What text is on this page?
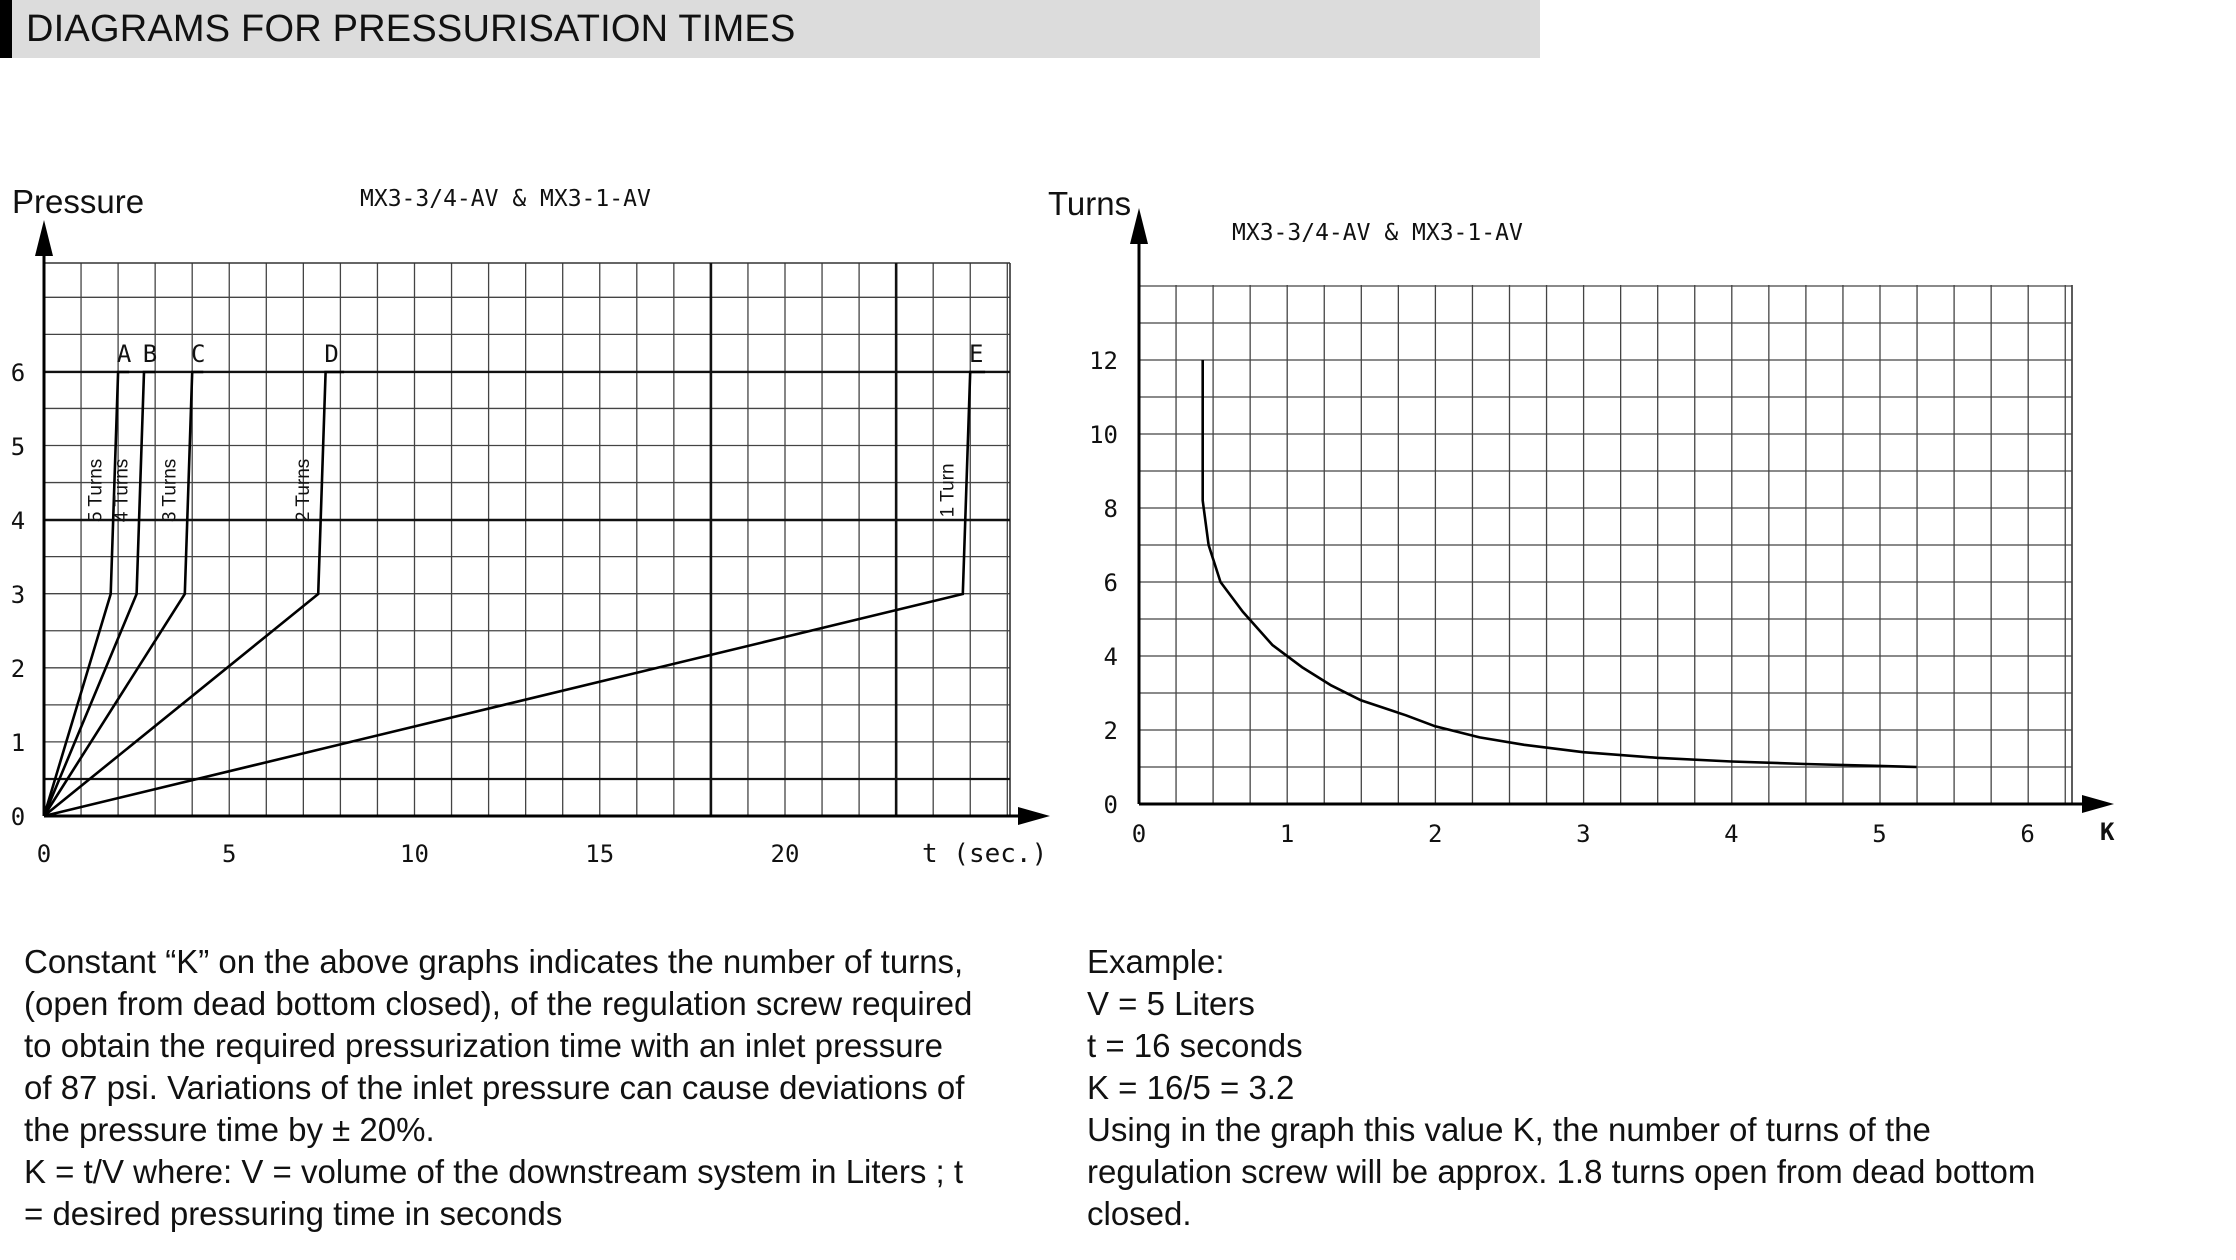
DIAGRAMS FOR PRESSURISATION TIMES
Pressure	MX3-3/4-AV & MX3-1-AV
t (sec.)
0
1
2
3
4
5
6
0	5	10	15	20
A
5 Turns
B
4 Turns
C
3 Turns
D
2 Turns
E
1 Turn
Turns
MX3-3/4-AV & MX3-1-AV
K
0
2
4
6
8
10
12
0	1	2	3	4	5	6
Constant “K” on the above graphs indicates the number of turns,
(open from dead bottom closed), of the regulation screw required
to obtain the required pressurization time with an inlet pressure
of 87 psi. Variations of the inlet pressure can cause deviations of
the pressure time by ± 20%.
K = t/V where: V = volume of the downstream system in Liters ; t
= desired pressuring time in seconds
Example:
V = 5 Liters
t = 16 seconds
K = 16/5 = 3.2
Using in the graph this value K, the number of turns of the
regulation screw will be approx. 1.8 turns open from dead bottom
closed.
